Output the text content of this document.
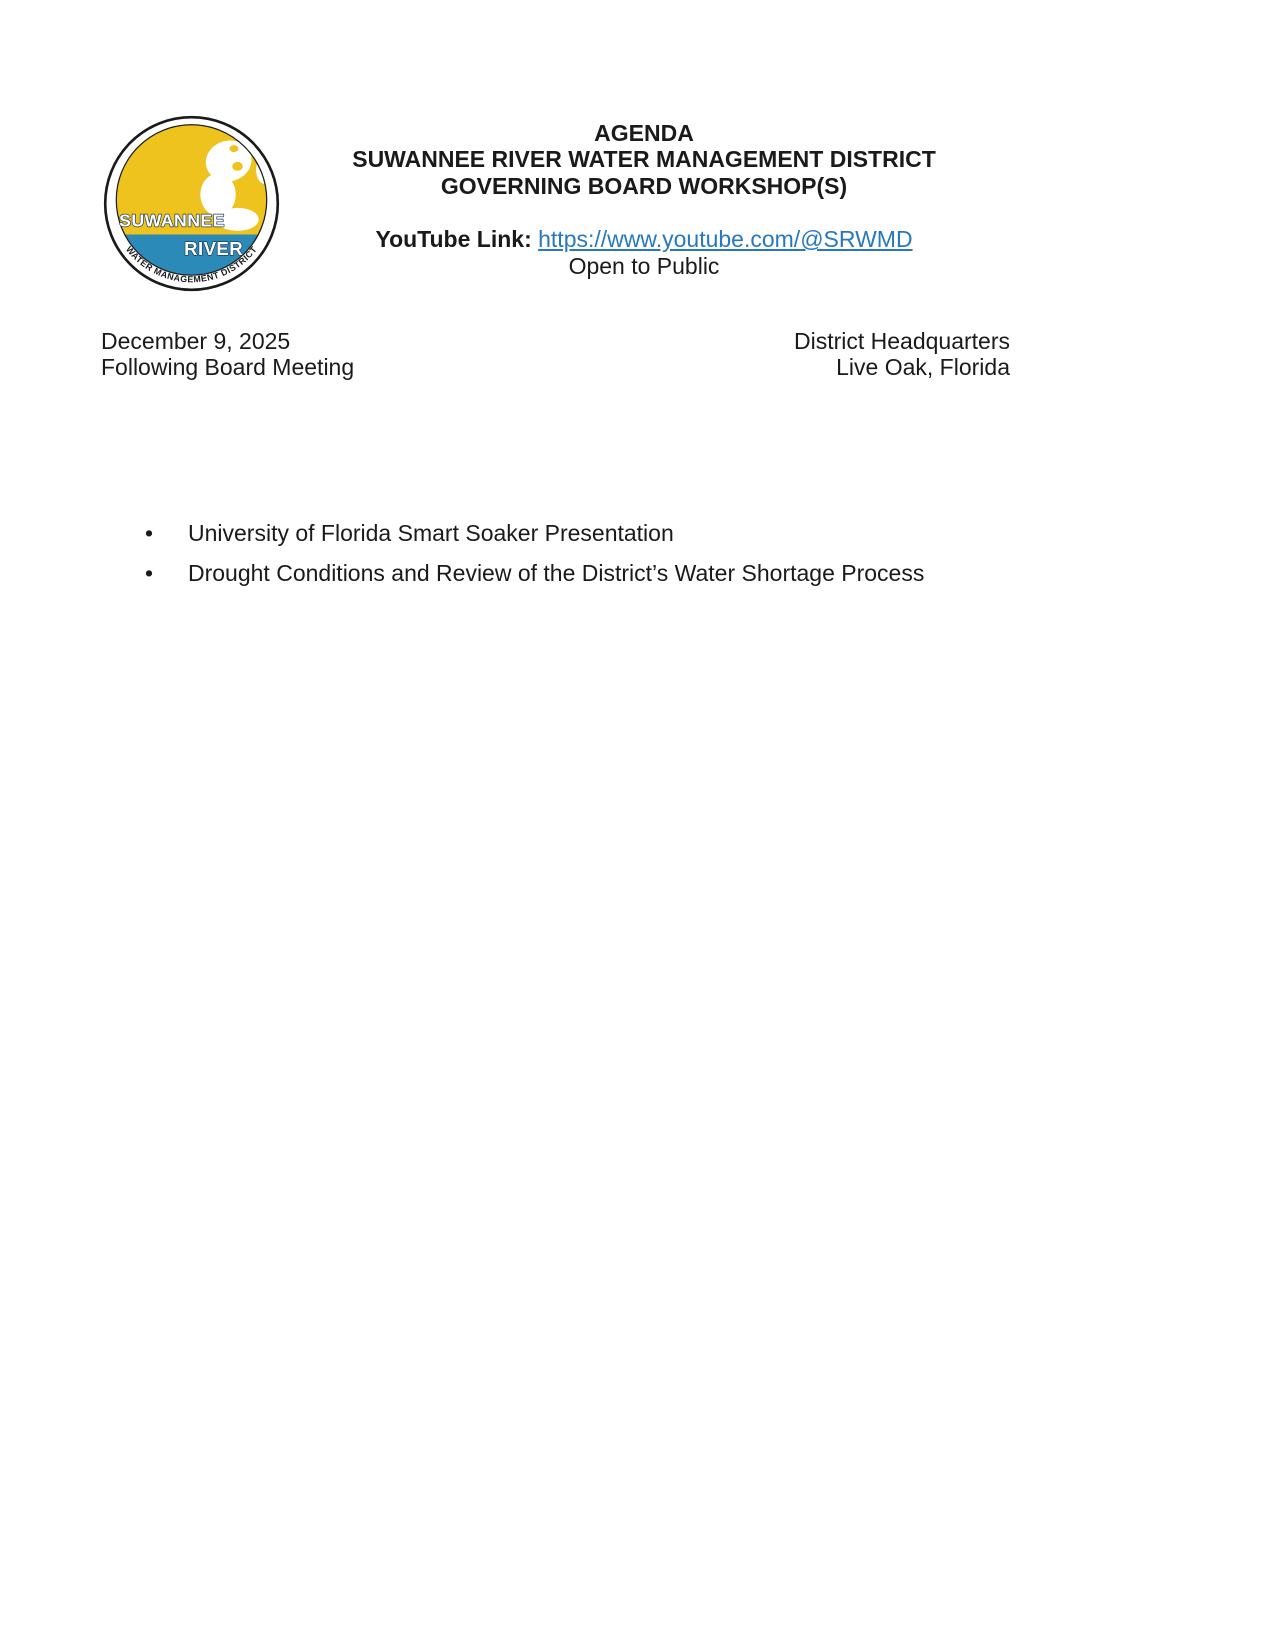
SUWANNEE
RIVER
WATER MANAGEMENT DISTRICT
AGENDA
SUWANNEE RIVER WATER MANAGEMENT DISTRICT
GOVERNING BOARD WORKSHOP(S)
YouTube Link: https://www.youtube.com/@SRWMD
Open to Public
December 9, 2025
Following Board Meeting
District Headquarters
Live Oak, Florida
• University of Florida Smart Soaker Presentation
• Drought Conditions and Review of the District’s Water Shortage Process
